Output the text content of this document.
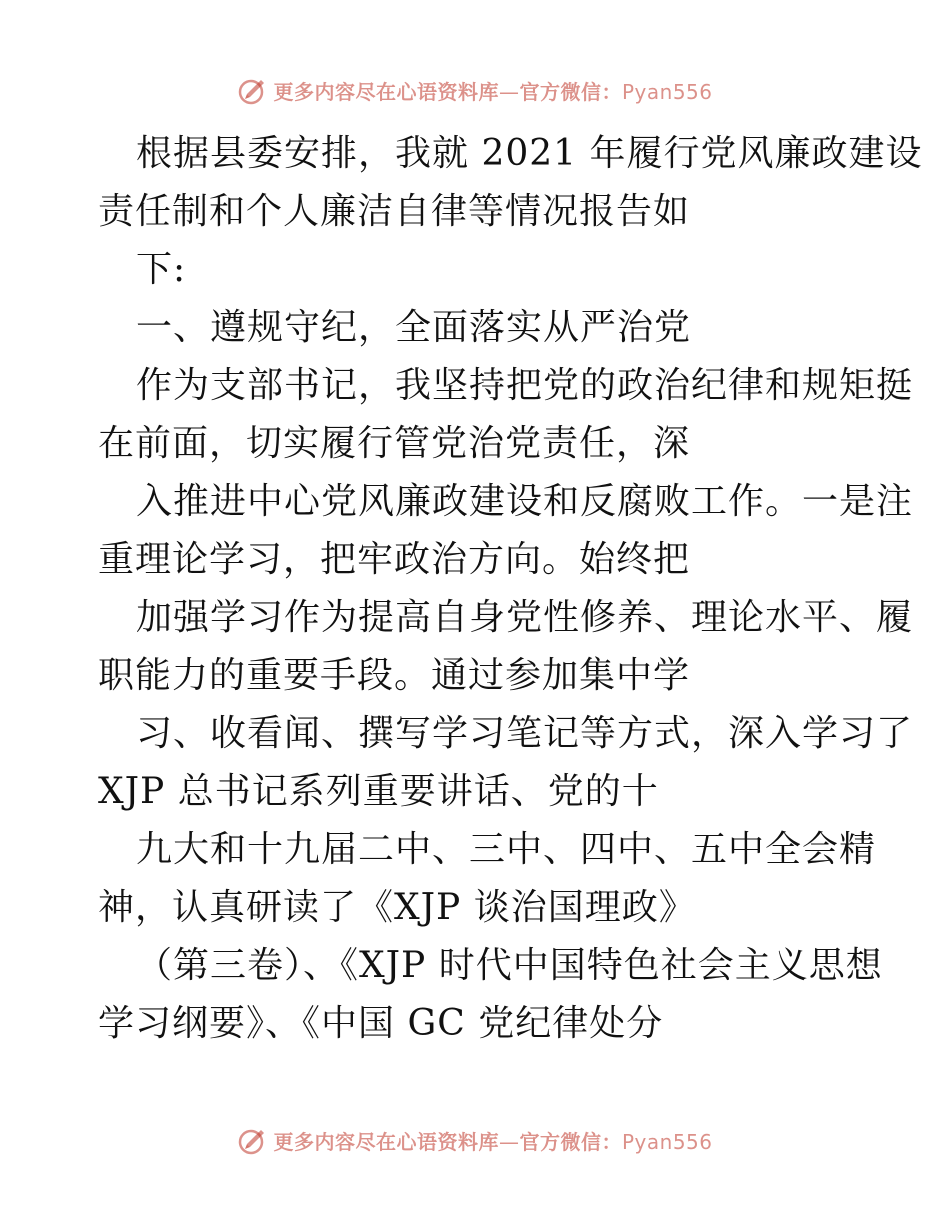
更多内容尽在心语资料库—官方微信：Pyan556
根据县委安排，我就 2021 年履行党风廉政建设
责任制和个人廉洁自律等情况报告如
下:
一、遵规守纪，全面落实从严治党
作为支部书记，我坚持把党的政治纪律和规矩挺
在前面，切实履行管党治党责任，深
入推进中心党风廉政建设和反腐败工作。一是注
重理论学习，把牢政治方向。始终把
加强学习作为提高自身党性修养、理论水平、履
职能力的重要手段。通过参加集中学
习、收看闻、撰写学习笔记等方式，深入学习了
XJP 总书记系列重要讲话、党的十
九大和十九届二中、三中、四中、五中全会精
神，认真研读了《XJP 谈治国理政》
（第三卷）、《XJP 时代中国特色社会主义思想
学习纲要》、《中国 GC 党纪律处分
更多内容尽在心语资料库—官方微信：Pyan556
